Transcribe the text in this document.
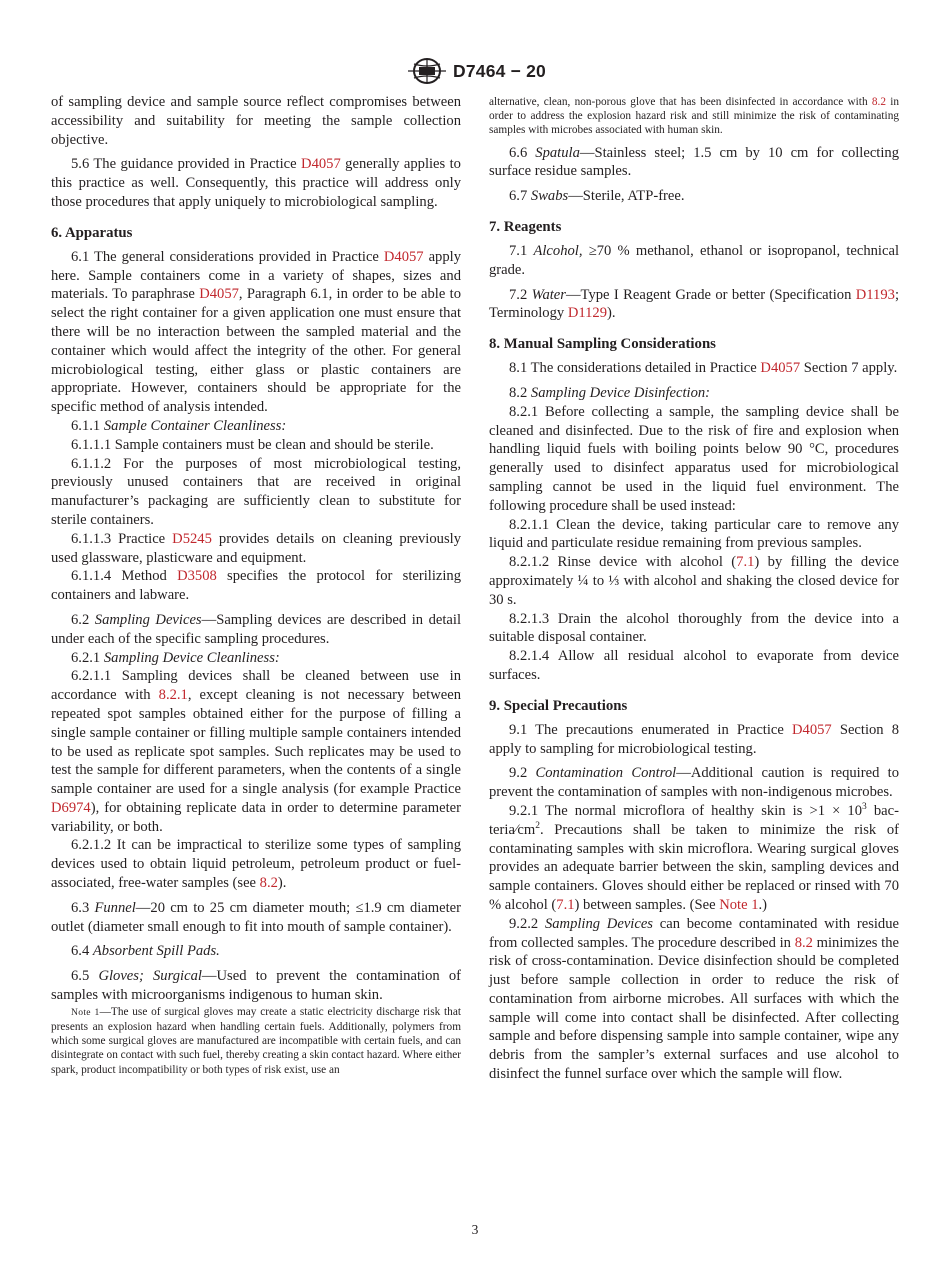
D7464 − 20

of sampling device and sample source reflect compromises between accessibility and suitability for meeting the sample collection objective.

5.6 The guidance provided in Practice D4057 generally applies to this practice as well. Consequently, this practice will address only those procedures that apply uniquely to microbiological sampling.

6. Apparatus

6.1 The general considerations provided in Practice D4057 apply here. Sample containers come in a variety of shapes, sizes and materials. To paraphrase D4057, Paragraph 6.1, in order to be able to select the right container for a given application one must ensure that there will be no interaction between the sampled material and the container which would affect the integrity of the other. For general microbiological testing, either glass or plastic containers are appropriate. However, containers should be appropriate for the specific method of analysis intended.

6.1.1 Sample Container Cleanliness:

6.1.1.1 Sample containers must be clean and should be sterile.

6.1.1.2 For the purposes of most microbiological testing, previously unused containers that are received in original manufacturer’s packaging are sufficiently clean to substitute for sterile containers.

6.1.1.3 Practice D5245 provides details on cleaning previously used glassware, plasticware and equipment.

6.1.1.4 Method D3508 specifies the protocol for sterilizing containers and labware.

6.2 Sampling Devices—Sampling devices are described in detail under each of the specific sampling procedures.

6.2.1 Sampling Device Cleanliness:

6.2.1.1 Sampling devices shall be cleaned between use in accordance with 8.2.1, except cleaning is not necessary between repeated spot samples obtained either for the purpose of filling a single sample container or filling multiple sample containers intended to be used as replicate spot samples. Such replicates may be used to test the sample for different parameters, when the contents of a single sample container are used for a single analysis (for example Practice D6974), for obtaining replicate data in order to determine parameter variability, or both.

6.2.1.2 It can be impractical to sterilize some types of sampling devices used to obtain liquid petroleum, petroleum product or fuel-associated, free-water samples (see 8.2).

6.3 Funnel—20 cm to 25 cm diameter mouth; ≤1.9 cm diameter outlet (diameter small enough to fit into mouth of sample container).

6.4 Absorbent Spill Pads.

6.5 Gloves; Surgical—Used to prevent the contamination of samples with microorganisms indigenous to human skin.

Note 1—The use of surgical gloves may create a static electricity discharge risk that presents an explosion hazard when handling certain fuels. Additionally, polymers from which some surgical gloves are manufactured are incompatible with certain fuels, and can disintegrate on contact with such fuel, thereby creating a skin contact hazard. Where either spark, product incompatibility or both types of risk exist, use an

alternative, clean, non-porous glove that has been disinfected in accordance with 8.2 in order to address the explosion hazard risk and still minimize the risk of contaminating samples with microbes associated with human skin.

6.6 Spatula—Stainless steel; 1.5 cm by 10 cm for collecting surface residue samples.

6.7 Swabs—Sterile, ATP-free.

7. Reagents

7.1 Alcohol, ≥70 % methanol, ethanol or isopropanol, technical grade.

7.2 Water—Type I Reagent Grade or better (Specification D1193; Terminology D1129).

8. Manual Sampling Considerations

8.1 The considerations detailed in Practice D4057 Section 7 apply.

8.2 Sampling Device Disinfection:

8.2.1 Before collecting a sample, the sampling device shall be cleaned and disinfected. Due to the risk of fire and explosion when handling liquid fuels with boiling points below 90 °C, procedures generally used to disinfect apparatus used for microbiological sampling cannot be used in the liquid fuel environment. The following procedure shall be used instead:

8.2.1.1 Clean the device, taking particular care to remove any liquid and particulate residue remaining from previous samples.

8.2.1.2 Rinse device with alcohol (7.1) by filling the device approximately ¼ to ⅓ with alcohol and shaking the closed device for 30 s.

8.2.1.3 Drain the alcohol thoroughly from the device into a suitable disposal container.

8.2.1.4 Allow all residual alcohol to evaporate from device surfaces.

9. Special Precautions

9.1 The precautions enumerated in Practice D4057 Section 8 apply to sampling for microbiological testing.

9.2 Contamination Control—Additional caution is required to prevent the contamination of samples with non-indigenous microbes.

9.2.1 The normal microflora of healthy skin is $>1 \times 10^3$ $bacteria⁄cm^2$. Precautions shall be taken to minimize the risk of contaminating samples with skin microflora. Wearing surgical gloves provides an adequate barrier between the skin, sampling devices and sample containers. Gloves should either be replaced or rinsed with 70 % alcohol (7.1) between samples. (See Note 1.)

9.2.2 Sampling Devices can become contaminated with residue from collected samples. The procedure described in 8.2 minimizes the risk of cross-contamination. Device disinfection should be completed just before sample collection in order to reduce the risk of contamination from airborne microbes. All surfaces with which the sample will come into contact shall be disinfected. After collecting sample and before dispensing sample into sample container, wipe any debris from the sampler’s external surfaces and use alcohol to disinfect the funnel surface over which the sample will flow.

3
